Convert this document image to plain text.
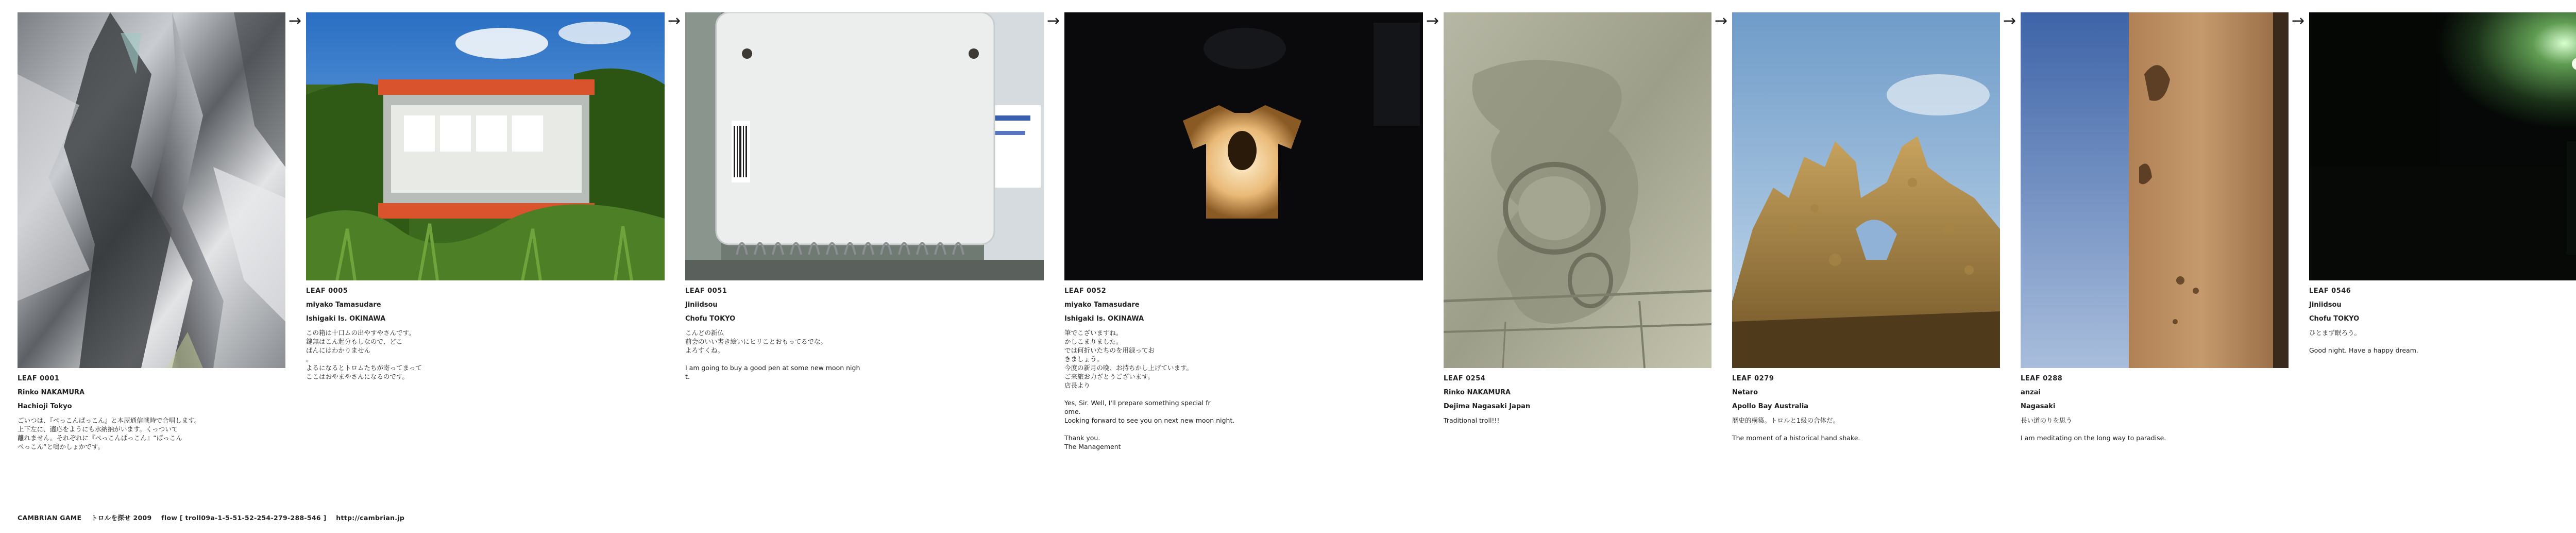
LEAF 0001
Rinko NAKAMURA
Hachioji Tokyo
ごいつは、『ぺっこんぱっこん』と本屋通信戦時で合唱します。
上下左に、適応をようにも水納納がいます。くっついて
離れません。それぞれに『ぺっこんぱっこん』“ぱっこん
ぺっこん”と鳴かしょかです。
→
LEAF 0005
miyako Tamasudare
Ishigaki Is. OKINAWA
この箱は十口ムの出やすやさんです。
鍵無はこん起分もしなので、どこ
ぱんにはわかりません
。
よるになるとトロムたちが寄ってまって
ここはおやまやさんになるのです。
→
LEAF 0051
Jiniidsou
Chofu TOKYO
こんどの新仏
前会のいい書き絵いにヒリことおもってるでな。
よろすくね。

I am going to buy a good pen at some new moon nigh
t.
→
LEAF 0052
miyako Tamasudare
Ishigaki Is. OKINAWA
筆でこざいますね。
かしこまりました。
では何折いたちのを用録ってお
きましょう。
今度の新月の晩、お持ちかし上げています。
ご来旅お力ざとうございます。
店長より

Yes, Sir. Well, I'll prepare something special fr
ome.
Looking forward to see you on next new moon night.

Thank you.
The Management
→
LEAF 0254
Rinko NAKAMURA
Dejima Nagasaki Japan
Traditional troll!!!
→
LEAF 0279
Netaro
Apollo Bay Australia
歴史的構築。トロルと1級の合体だ。

The moment of a historical hand shake.
→
LEAF 0288
anzai
Nagasaki
長い道のりを思う

I am meditating on the long way to paradise.
→
LEAF 0546
Jiniidsou
Chofu TOKYO
ひとまず眠ろう。

Good night. Have a happy dream.
CAMBRIAN GAME トロルを探せ 2009 flow [ troll09a-1-5-51-52-254-279-288-546 ] http://cambrian.jp
